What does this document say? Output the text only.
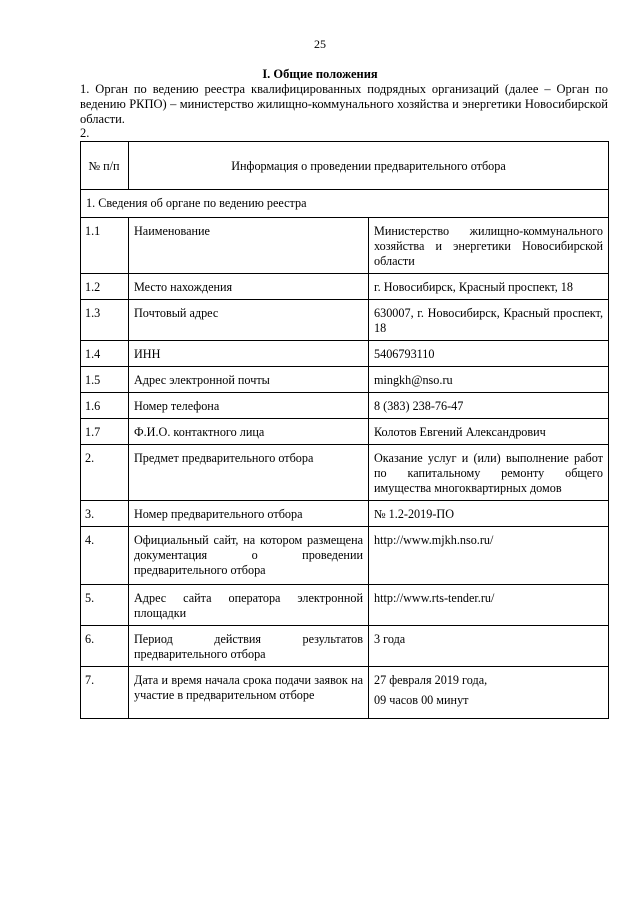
25
I. Общие положения
1. Орган по ведению реестра квалифицированных подрядных организаций (далее – Орган по ведению РКПО) – министерство жилищно-коммунального хозяйства и энергетики Новосибирской области.
2.
№ п/п	Информация о проведении предварительного отбора	
1. Сведения об органе по ведению реестра		
1.1	Наименование	Министерство жилищно-коммунального хозяйства и энергетики Новосибирской области
1.2	Место нахождения	г. Новосибирск, Красный проспект, 18
1.3	Почтовый адрес	630007, г. Новосибирск, Красный проспект, 18
1.4	ИНН	5406793110
1.5	Адрес электронной почты	mingkh@nso.ru
1.6	Номер телефона	8 (383) 238-76-47
1.7	Ф.И.О. контактного лица	Колотов Евгений Александрович
2.	Предмет предварительного отбора	Оказание услуг и (или) выполнение работ по капитальному ремонту общего имущества многоквартирных домов
3.	Номер предварительного отбора	№ 1.2-2019-ПО
4.	Официальный сайт, на котором размещена документация о проведении предварительного отбора	http://www.mjkh.nso.ru/
5.	Адрес сайта оператора электронной площадки	http://www.rts-tender.ru/
6.	Период действия результатов предварительного отбора	3 года
7.	Дата и время начала срока подачи заявок на участие в предварительном отборе	27 февраля 2019 года,
09 часов 00 минут
